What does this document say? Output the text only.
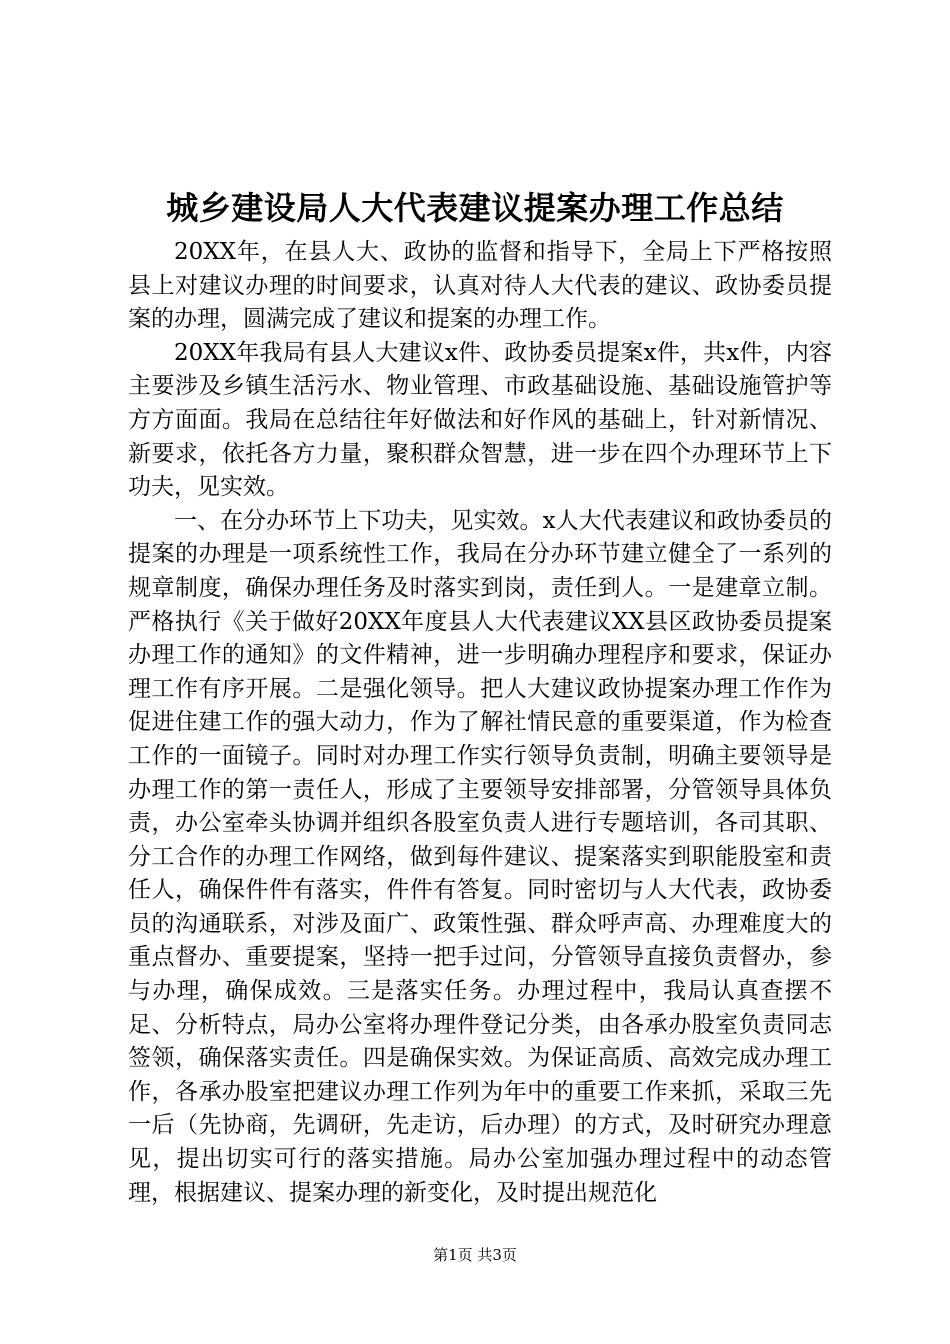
城乡建设局人大代表建议提案办理工作总结

20XX年，在县人大、政协的监督和指导下，全局上下严格按照县上对建议办理的时间要求，认真对待人大代表的建议、政协委员提案的办理，圆满完成了建议和提案的办理工作。

20XX年我局有县人大建议x件、政协委员提案x件，共x件，内容主要涉及乡镇生活污水、物业管理、市政基础设施、基础设施管护等方方面面。我局在总结往年好做法和好作风的基础上，针对新情况、新要求，依托各方力量，聚积群众智慧，进一步在四个办理环节上下功夫，见实效。

一、在分办环节上下功夫，见实效。x人大代表建议和政协委员的提案的办理是一项系统性工作，我局在分办环节建立健全了一系列的规章制度，确保办理任务及时落实到岗，责任到人。一是建章立制。严格执行《关于做好20XX年度县人大代表建议XX县区政协委员提案办理工作的通知》的文件精神，进一步明确办理程序和要求，保证办理工作有序开展。二是强化领导。把人大建议政协提案办理工作作为促进住建工作的强大动力，作为了解社情民意的重要渠道，作为检查工作的一面镜子。同时对办理工作实行领导负责制，明确主要领导是办理工作的第一责任人，形成了主要领导安排部署，分管领导具体负责，办公室牵头协调并组织各股室负责人进行专题培训，各司其职、分工合作的办理工作网络，做到每件建议、提案落实到职能股室和责任人，确保件件有落实，件件有答复。同时密切与人大代表，政协委员的沟通联系，对涉及面广、政策性强、群众呼声高、办理难度大的重点督办、重要提案，坚持一把手过问，分管领导直接负责督办，参与办理，确保成效。三是落实任务。办理过程中，我局认真查摆不足、分析特点，局办公室将办理件登记分类，由各承办股室负责同志签领，确保落实责任。四是确保实效。为保证高质、高效完成办理工作，各承办股室把建议办理工作列为年中的重要工作来抓，采取三先一后（先协商，先调研，先走访，后办理）的方式，及时研究办理意见，提出切实可行的落实措施。局办公室加强办理过程中的动态管理，根据建议、提案办理的新变化，及时提出规范化

第1页 共3页
